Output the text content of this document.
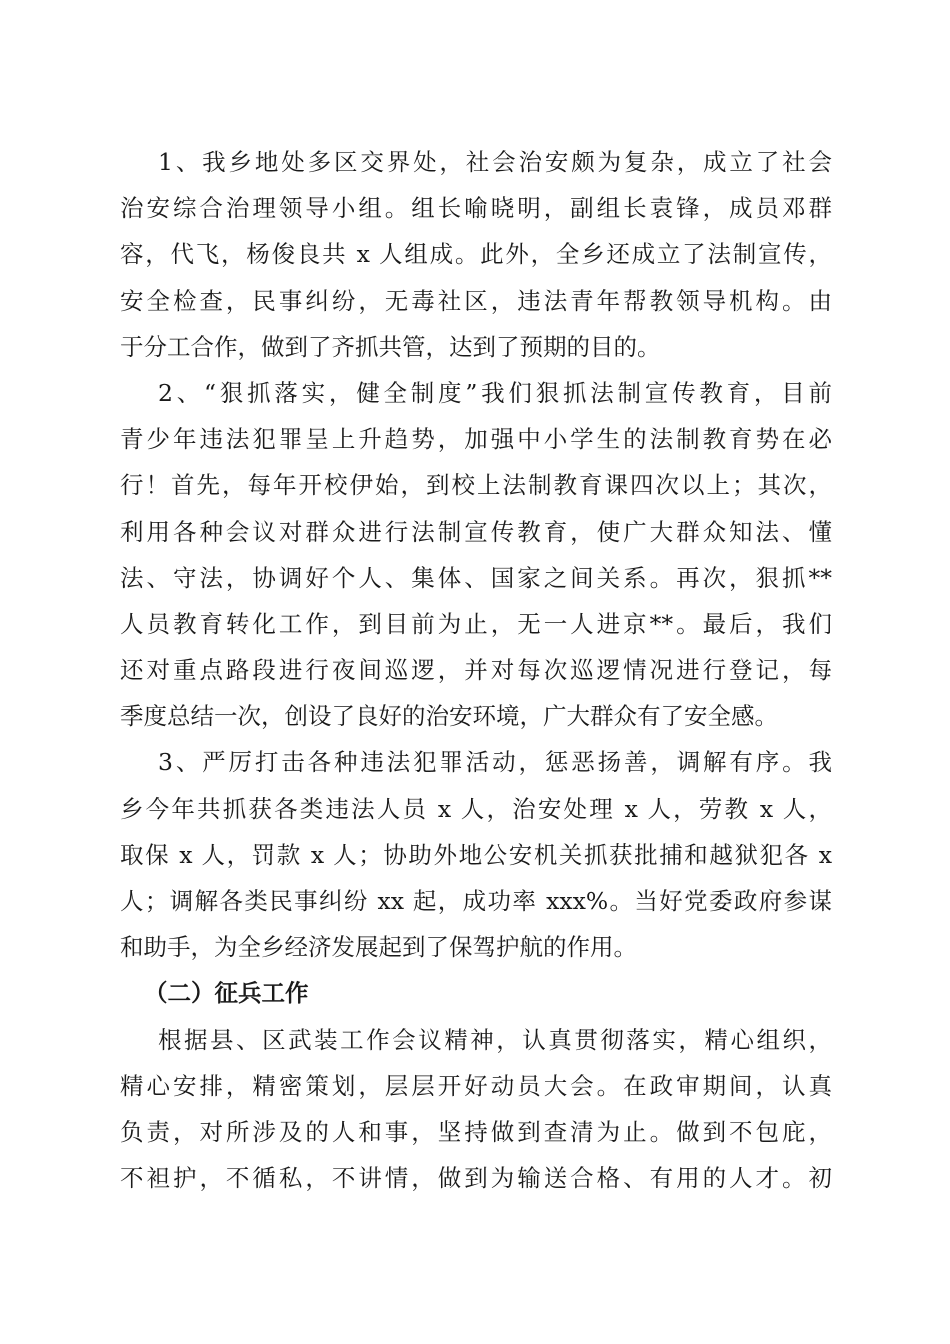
1、我乡地处多区交界处，社会治安颇为复杂，成立了社会
治安综合治理领导小组。组长喻晓明，副组长袁锋，成员邓群
容，代飞，杨俊良共 x 人组成。此外，全乡还成立了法制宣传，
安全检查，民事纠纷，无毒社区，违法青年帮教领导机构。由
于分工合作，做到了齐抓共管，达到了预期的目的。
2、“狠抓落实，健全制度”我们狠抓法制宣传教育，目前
青少年违法犯罪呈上升趋势，加强中小学生的法制教育势在必
行！首先，每年开校伊始，到校上法制教育课四次以上；其次，
利用各种会议对群众进行法制宣传教育，使广大群众知法、懂
法、守法，协调好个人、集体、国家之间关系。再次，狠抓**
人员教育转化工作，到目前为止，无一人进京**。最后，我们
还对重点路段进行夜间巡逻，并对每次巡逻情况进行登记，每
季度总结一次，创设了良好的治安环境，广大群众有了安全感。
3、严厉打击各种违法犯罪活动，惩恶扬善，调解有序。我
乡今年共抓获各类违法人员 x 人，治安处理 x 人，劳教 x 人，
取保 x 人，罚款 x 人；协助外地公安机关抓获批捕和越狱犯各 x
人；调解各类民事纠纷 xx 起，成功率 xxx%。当好党委政府参谋
和助手，为全乡经济发展起到了保驾护航的作用。
（二）征兵工作
根据县、区武装工作会议精神，认真贯彻落实，精心组织，
精心安排，精密策划，层层开好动员大会。在政审期间，认真
负责，对所涉及的人和事，坚持做到查清为止。做到不包庇，
不袒护，不循私，不讲情，做到为输送合格、有用的人才。初
